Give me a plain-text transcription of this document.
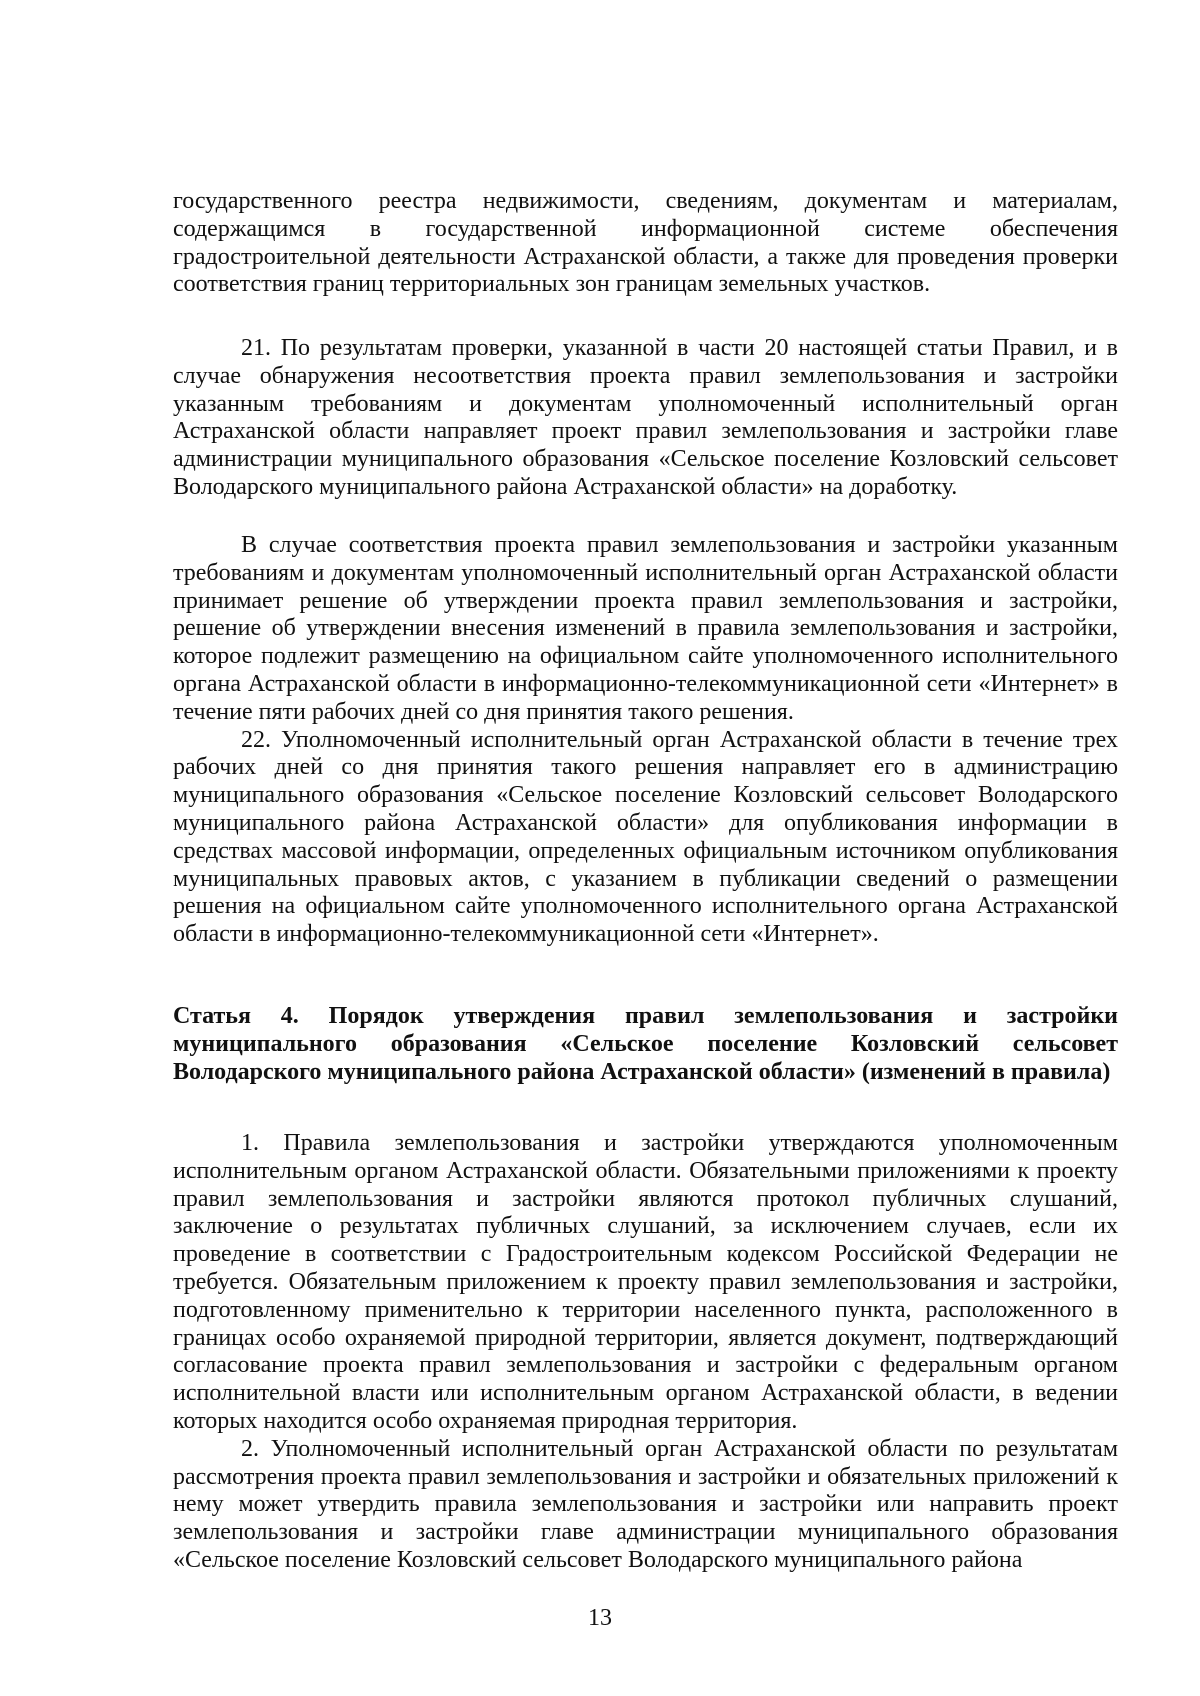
государственного реестра недвижимости, сведениям, документам и материалам, содержащимся в государственной информационной системе обеспечения градостроительной деятельности Астраханской области, а также для проведения проверки соответствия границ территориальных зон границам земельных участков.

21. По результатам проверки, указанной в части 20 настоящей статьи Правил, и в случае обнаружения несоответствия проекта правил землепользования и застройки указанным требованиям и документам уполномоченный исполнительный орган Астраханской области направляет проект правил землепользования и застройки главе администрации муниципального образования «Сельское поселение Козловский сельсовет Володарского муниципального района Астраханской области» на доработку.

В случае соответствия проекта правил землепользования и застройки указанным требованиям и документам уполномоченный исполнительный орган Астраханской области принимает решение об утверждении проекта правил землепользования и застройки, решение об утверждении внесения изменений в правила землепользования и застройки, которое подлежит размещению на официальном сайте уполномоченного исполнительного органа Астраханской области в информационно-телекоммуникационной сети «Интернет» в течение пяти рабочих дней со дня принятия такого решения.

22. Уполномоченный исполнительный орган Астраханской области в течение трех рабочих дней со дня принятия такого решения направляет его в администрацию муниципального образования «Сельское поселение Козловский сельсовет Володарского муниципального района Астраханской области» для опубликования информации в средствах массовой информации, определенных официальным источником опубликования муниципальных правовых актов, с указанием в публикации сведений о размещении решения на официальном сайте уполномоченного исполнительного органа Астраханской области в информационно-телекоммуникационной сети «Интернет».

Статья 4. Порядок утверждения правил землепользования и застройки муниципального образования «Сельское поселение Козловский сельсовет Володарского муниципального района Астраханской области» (изменений в правила)

1. Правила землепользования и застройки утверждаются уполномоченным исполнительным органом Астраханской области. Обязательными приложениями к проекту правил землепользования и застройки являются протокол публичных слушаний, заключение о результатах публичных слушаний, за исключением случаев, если их проведение в соответствии с Градостроительным кодексом Российской Федерации не требуется. Обязательным приложением к проекту правил землепользования и застройки, подготовленному применительно к территории населенного пункта, расположенного в границах особо охраняемой природной территории, является документ, подтверждающий согласование проекта правил землепользования и застройки с федеральным органом исполнительной власти или исполнительным органом Астраханской области, в ведении которых находится особо охраняемая природная территория.

2. Уполномоченный исполнительный орган Астраханской области по результатам рассмотрения проекта правил землепользования и застройки и обязательных приложений к нему может утвердить правила землепользования и застройки или направить проект землепользования и застройки главе администрации муниципального образования «Сельское поселение Козловский сельсовет Володарского муниципального района

13
